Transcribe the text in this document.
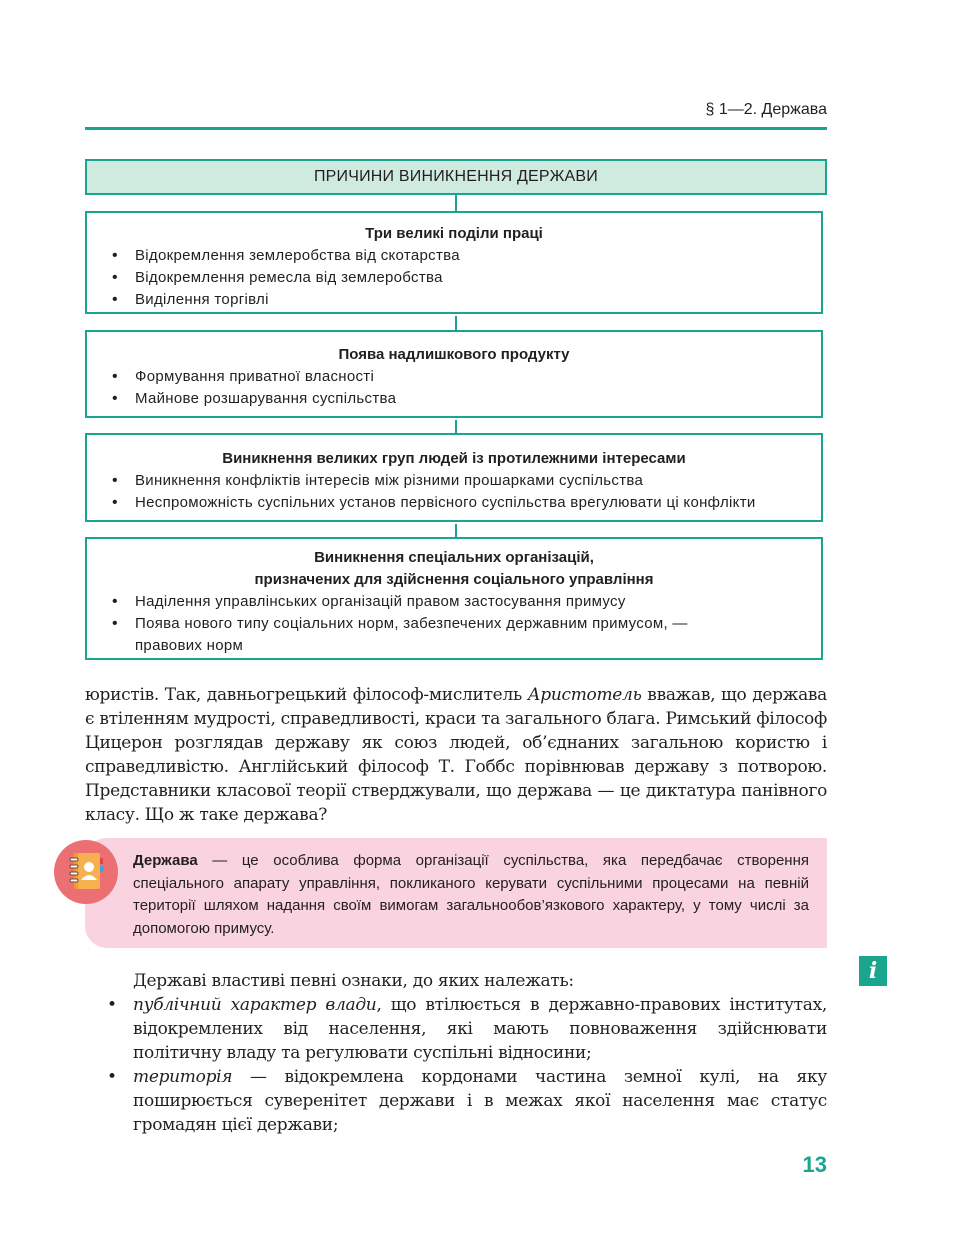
§ 1—2. Держава
ПРИЧИНИ ВИНИКНЕННЯ ДЕРЖАВИ
Три великі поділи праці
• Відокремлення землеробства від скотарства
• Відокремлення ремесла від землеробства
• Виділення торгівлі
Поява надлишкового продукту
• Формування приватної власності
• Майнове розшарування суспільства
Виникнення великих груп людей із протилежними інтересами
• Виникнення конфліктів інтересів між різними прошарками суспільства
• Неспроможність суспільних установ первісного суспільства врегулювати ці конфлікти
Виникнення спеціальних організацій,
призначених для здійснення соціального управління
• Наділення управлінських організацій правом застосування примусу
• Поява нового типу соціальних норм, забезпечених державним примусом, — правових норм
юристів. Так, давньогрецький філософ-мислитель Аристотель вважав, що держава є втіленням мудрості, справедливості, краси та загального блага. Римський філософ Цицерон розглядав державу як союз людей, об’єднаних загальною користю і справедливістю. Англійський філософ Т. Гоббс порівнював державу з потворою. Представники класової теорії стверджували, що держава — це диктатура панівного класу. Що ж таке держава?
Держава — це особлива форма організації суспільства, яка передбачає створення спеціального апарату управління, покликаного керувати суспільними процесами на певній території шляхом надання своїм вимогам загальнообов’язкового характеру, у тому числі за допомогою примусу.
Державі властиві певні ознаки, до яких належать:
• публічний характер влади, що втілюється в державно-правових інститутах, відокремлених від населення, які мають повноваження здійснювати політичну владу та регулювати суспільні відносини;
• територія — відокремлена кордонами частина земної кулі, на яку поширюється суверенітет держави і в межах якої населення має статус громадян цієї держави;
i
13
